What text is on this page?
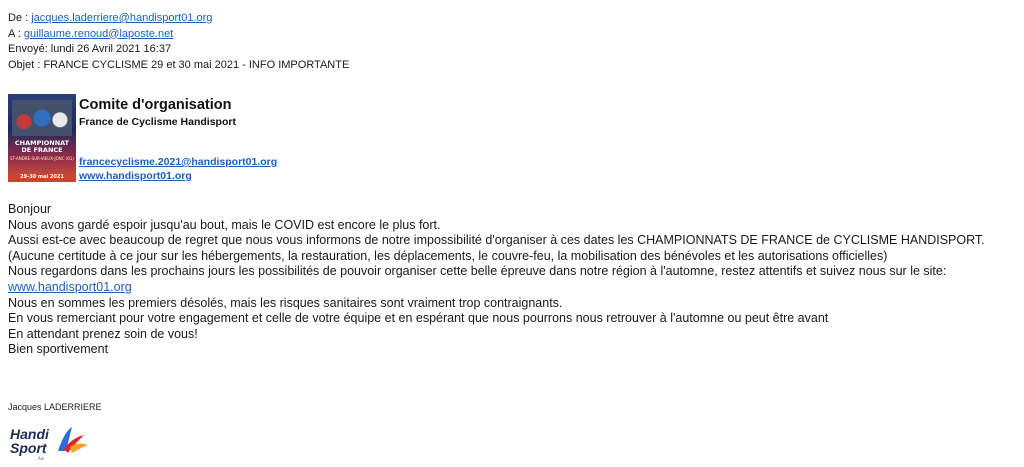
De : jacques.laderriere@handisport01.org
A : guillaume.renoud@laposte.net
Envoyé: lundi 26 Avril 2021 16:37
Objet : FRANCE CYCLISME 29 et 30 mai 2021 - INFO IMPORTANTE
CHAMPIONNAT
DE FRANCE
ST-ANDRÉ-SUR-VIEUX-JONC (01)
29-30 mai 2021
Comite d'organisation
France de Cyclisme Handisport
francecyclisme.2021@handisport01.org
www.handisport01.org

Bonjour

Nous avons gardé espoir jusqu'au bout, mais le COVID est encore le plus fort.

Aussi est-ce avec beaucoup de regret que nous vous informons de notre impossibilité d'organiser à ces dates les CHAMPIONNATS DE FRANCE de CYCLISME HANDISPORT.

(Aucune certitude à ce jour sur les hébergements, la restauration, les déplacements, le couvre-feu, la mobilisation des bénévoles et les autorisations officielles)

Nous regardons dans les prochains jours les possibilités de pouvoir organiser cette belle épreuve dans notre région à l'automne, restez attentifs et suivez nous sur le site:

www.handisport01.org

Nous en sommes les premiers désolés, mais les risques sanitaires sont vraiment trop contraignants.

En vous remerciant pour votre engagement et celle de votre équipe et en espérant que nous pourrons nous retrouver à l'automne ou peut être avant

En attendant prenez soin de vous!

Bien sportivement

Jacques LADERRIERE
Handi
Sport
Ain
